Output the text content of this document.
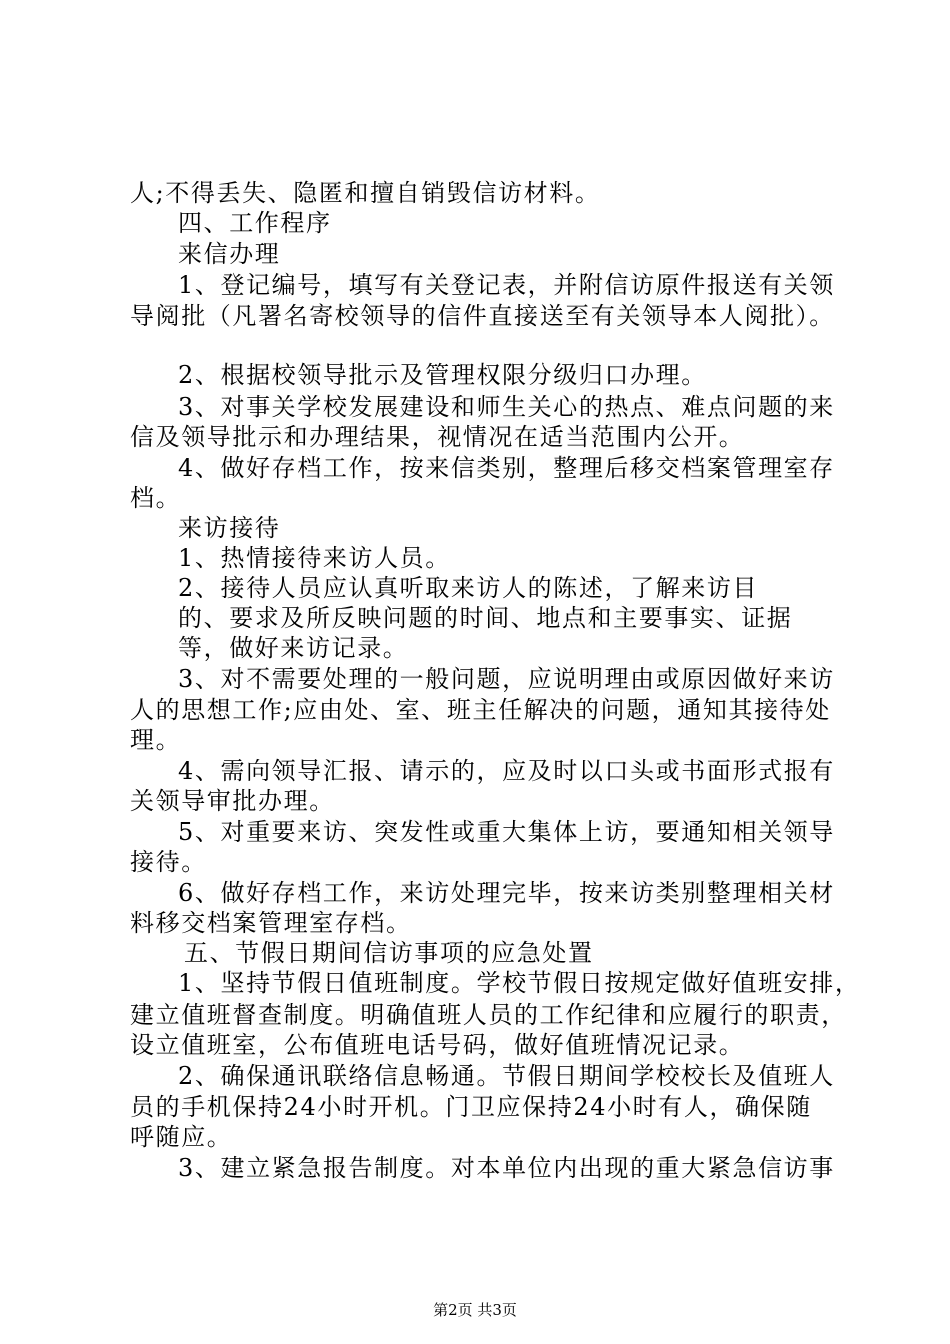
人;不得丢失、隐匿和擅自销毁信访材料。
四、工作程序
来信办理
1、登记编号，填写有关登记表，并附信访原件报送有关领
导阅批（凡署名寄校领导的信件直接送至有关领导本人阅批）。
2、根据校领导批示及管理权限分级归口办理。
3、对事关学校发展建设和师生关心的热点、难点问题的来
信及领导批示和办理结果，视情况在适当范围内公开。
4、做好存档工作，按来信类别，整理后移交档案管理室存
档。
来访接待
1、热情接待来访人员。
2、接待人员应认真听取来访人的陈述，了解来访目
的、要求及所反映问题的时间、地点和主要事实、证据
等，做好来访记录。
3、对不需要处理的一般问题，应说明理由或原因做好来访
人的思想工作;应由处、室、班主任解决的问题，通知其接待处
理。
4、需向领导汇报、请示的，应及时以口头或书面形式报有
关领导审批办理。
5、对重要来访、突发性或重大集体上访，要通知相关领导
接待。
6、做好存档工作，来访处理完毕，按来访类别整理相关材
料移交档案管理室存档。
五、节假日期间信访事项的应急处置
1、坚持节假日值班制度。学校节假日按规定做好值班安排，
建立值班督查制度。明确值班人员的工作纪律和应履行的职责，
设立值班室，公布值班电话号码，做好值班情况记录。
2、确保通讯联络信息畅通。节假日期间学校校长及值班人
员的手机保持24小时开机。门卫应保持24小时有人，确保随
呼随应。
3、建立紧急报告制度。对本单位内出现的重大紧急信访事
第2页 共3页
